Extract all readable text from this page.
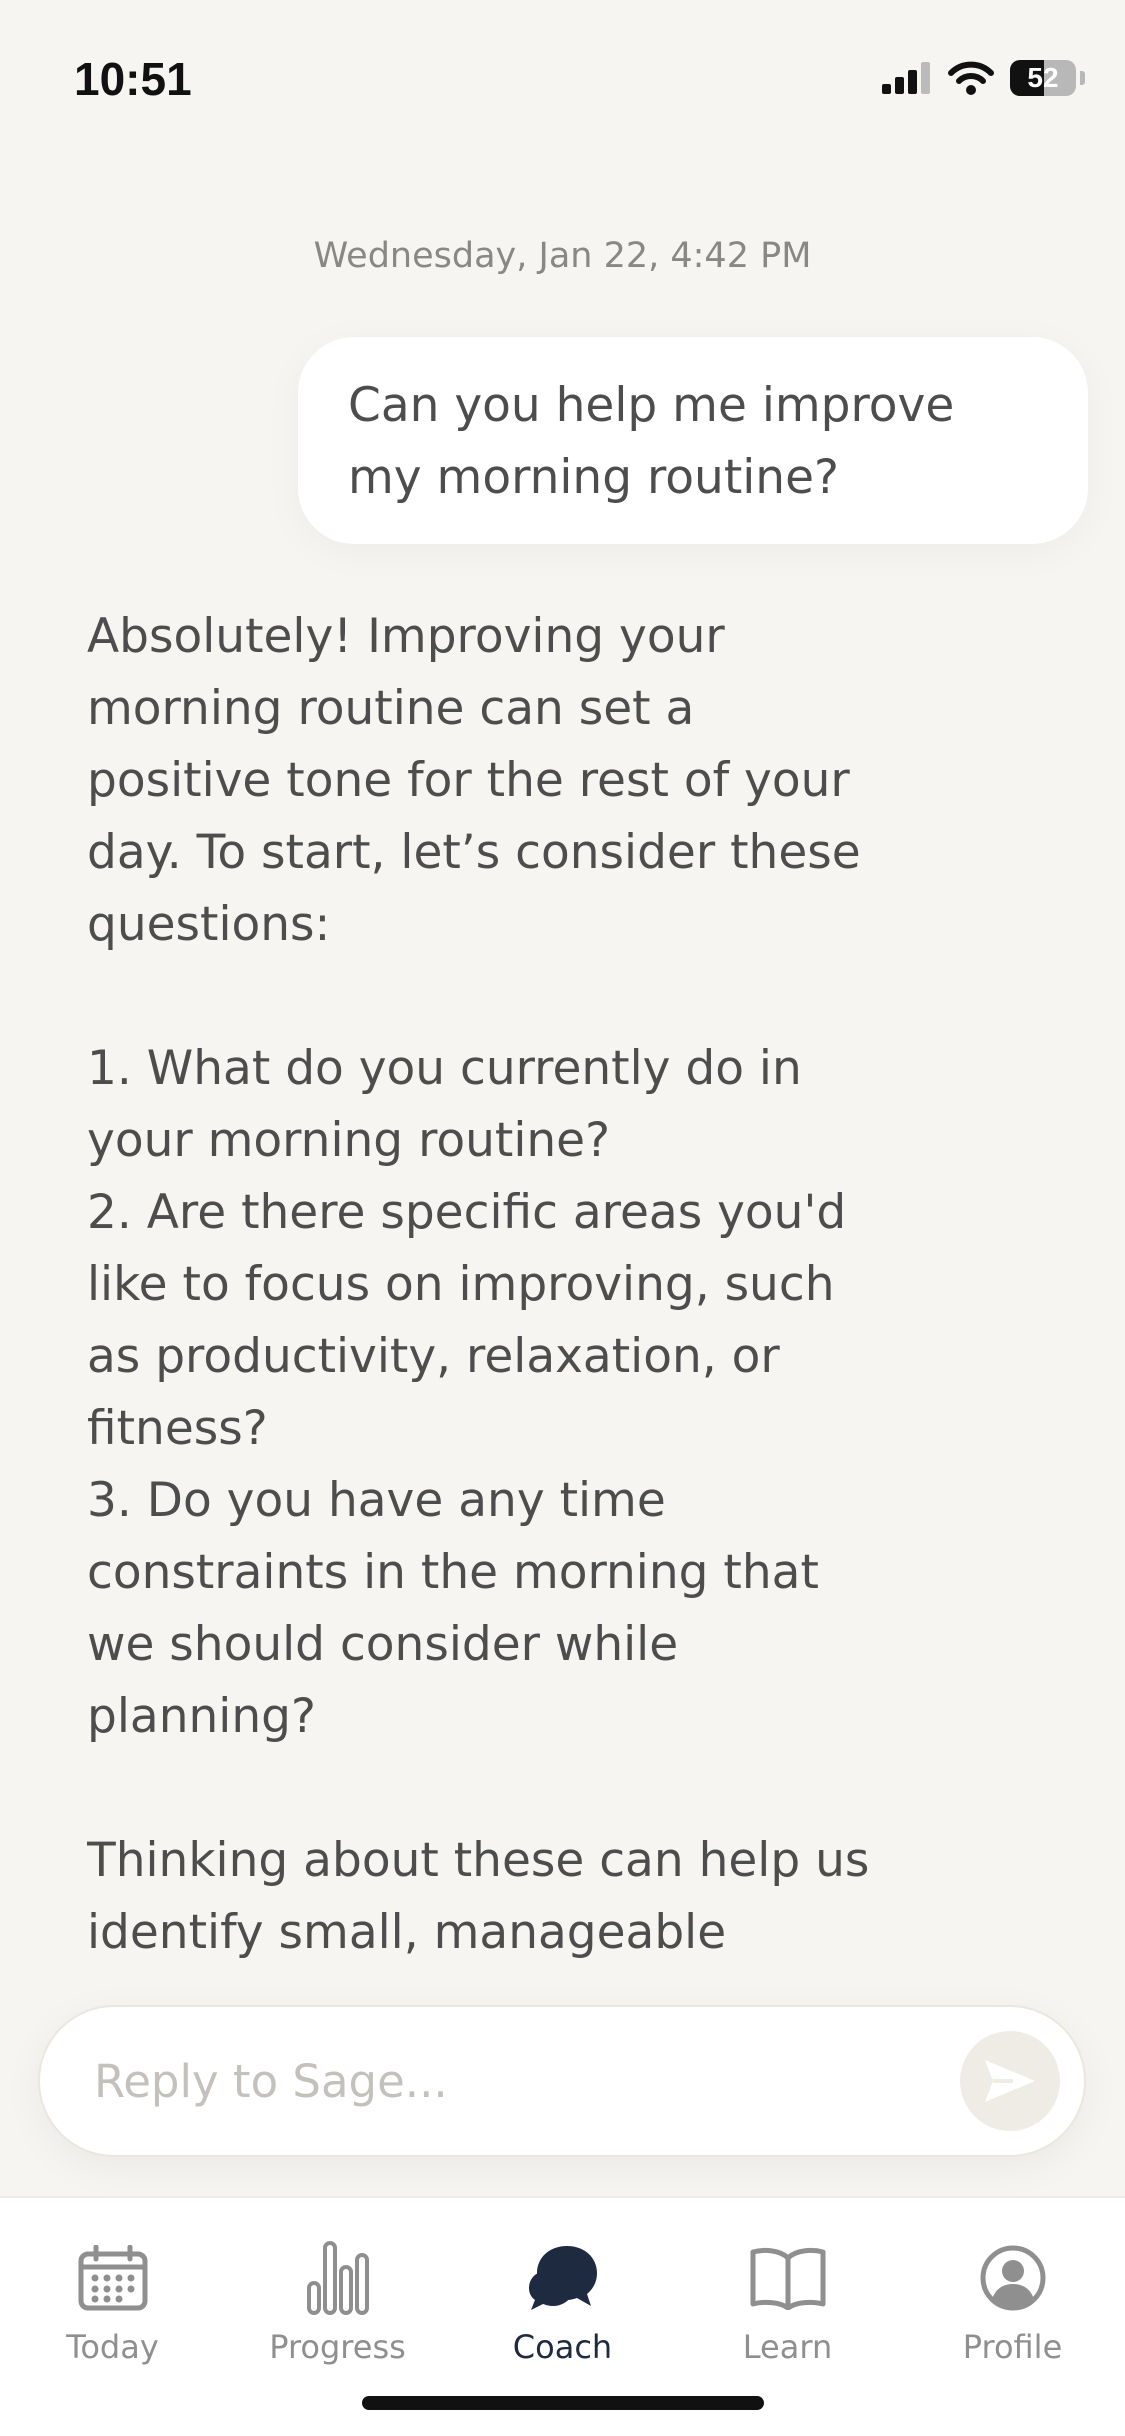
10:51	52
Wednesday, Jan 22, 4:42 PM
Can you help me improve my morning routine?

Absolutely! Improving your morning routine can set a positive tone for the rest of your day. To start, let’s consider these questions:

1. What do you currently do in your morning routine?

2. Are there specific areas you'd like to focus on improving, such as productivity, relaxation, or fitness?

3. Do you have any time constraints in the morning that we should consider while planning?

Thinking about these can help us identify small, manageable

Reply to Sage...
Today	Progress	Coach	Learn	Profile
